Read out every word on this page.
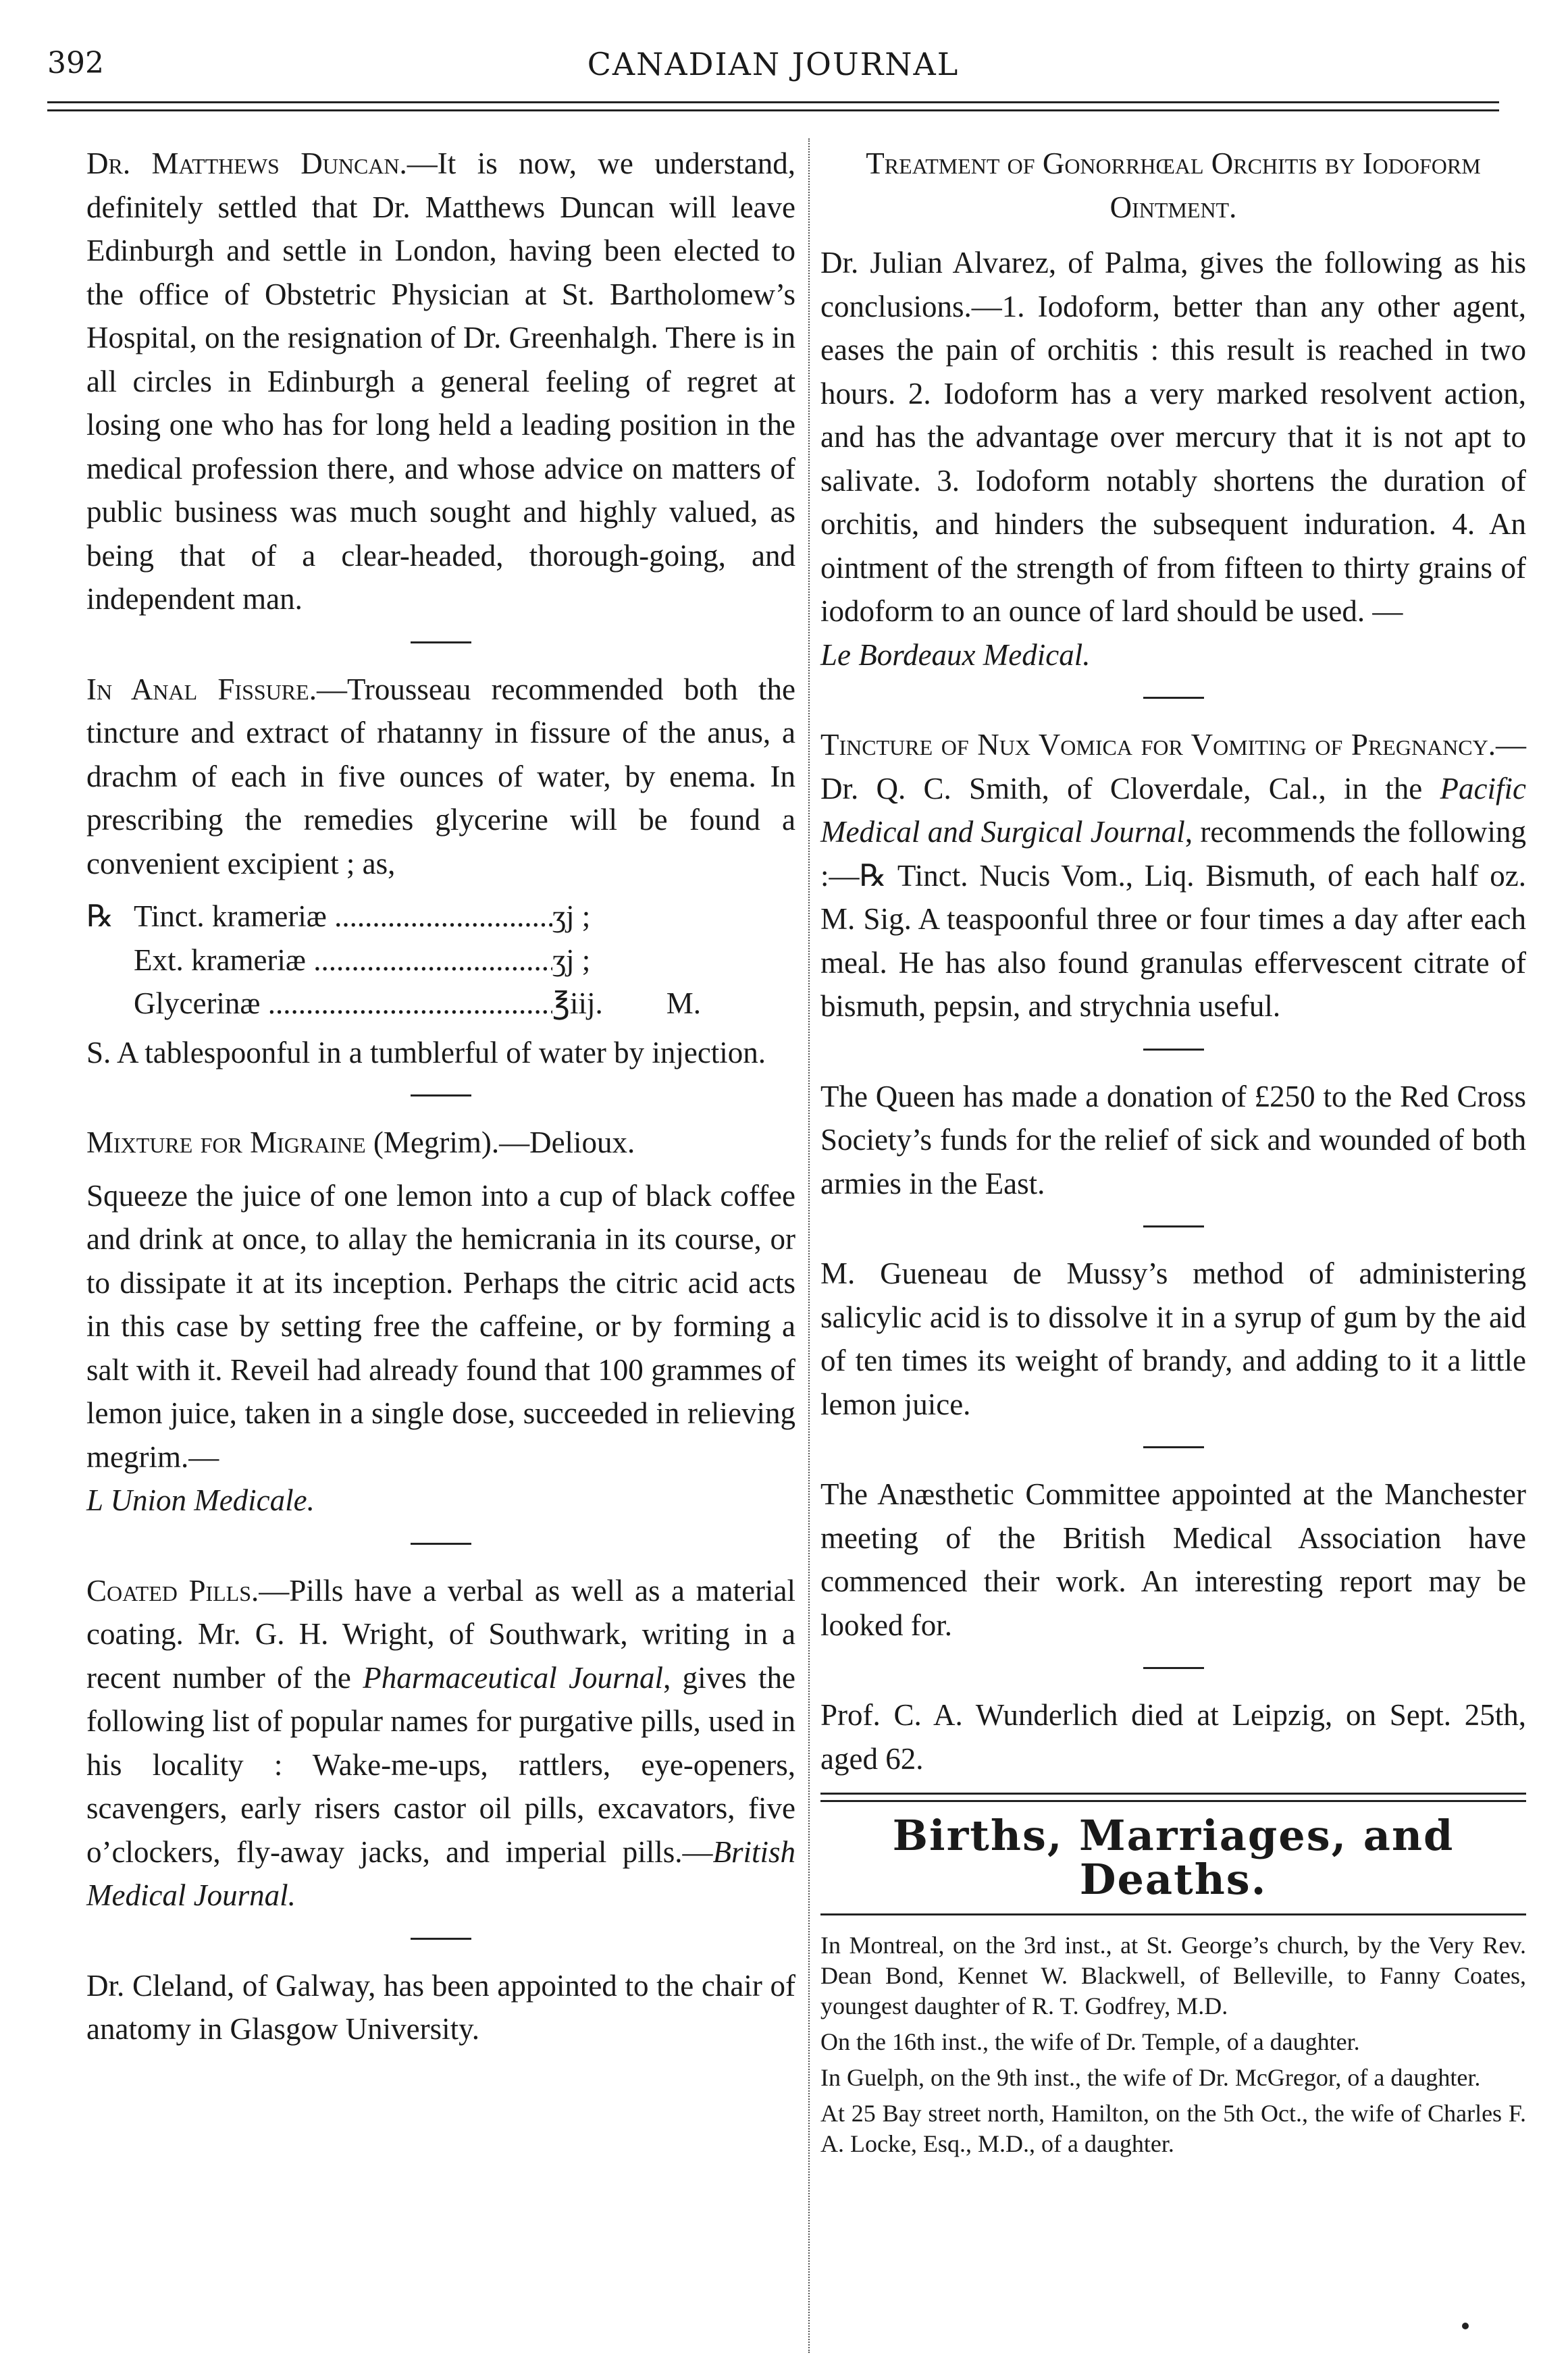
392	CANADIAN JOURNAL

Dr. Matthews Duncan.—It is now, we understand, definitely settled that Dr. Matthews Duncan will leave Edinburgh and settle in London, having been elected to the office of Obstetric Physician at St. Bartholomew’s Hospital, on the resignation of Dr. Greenhalgh. There is in all circles in Edinburgh a general feeling of regret at losing one who has for long held a leading position in the medical profession there, and whose advice on matters of public business was much sought and highly valued, as being that of a clear-headed, thorough-going, and independent man.

In Anal Fissure.—Trousseau recommended both the tincture and extract of rhatanny in fissure of the anus, a drachm of each in five ounces of water, by enema. In prescribing the remedies glycerine will be found a convenient excipient ; as,

℞ Tinct. krameriæ .....	ʒj ;
Ext. krameriæ .....	ʒj ;
Glycerinæ .....	℥iij.	M.

S. A tablespoonful in a tumblerful of water by injection.

Mixture for Migraine (Megrim).—Delioux.

Squeeze the juice of one lemon into a cup of black coffee and drink at once, to allay the hemicrania in its course, or to dissipate it at its inception. Perhaps the citric acid acts in this case by setting free the caffeine, or by forming a salt with it. Reveil had already found that 100 grammes of lemon juice, taken in a single dose, succeeded in relieving megrim.—
L Union Medicale.

Coated Pills.—Pills have a verbal as well as a material coating. Mr. G. H. Wright, of Southwark, writing in a recent number of the Pharmaceutical Journal, gives the following list of popular names for purgative pills, used in his locality : Wake-me-ups, rattlers, eye-openers, scavengers, early risers castor oil pills, excavators, five o’clockers, fly-away jacks, and imperial pills.—British Medical Journal.

Dr. Cleland, of Galway, has been appointed to the chair of anatomy in Glasgow University.

Treatment of Gonorrhœal Orchitis by Iodoform Ointment.

Dr. Julian Alvarez, of Palma, gives the following as his conclusions.—1. Iodoform, better than any other agent, eases the pain of orchitis : this result is reached in two hours. 2. Iodoform has a very marked resolvent action, and has the advantage over mercury that it is not apt to salivate. 3. Iodoform notably shortens the duration of orchitis, and hinders the subsequent induration. 4. An ointment of the strength of from fifteen to thirty grains of iodoform to an ounce of lard should be used. —
Le Bordeaux Medical.

Tincture of Nux Vomica for Vomiting of Pregnancy.—Dr. Q. C. Smith, of Cloverdale, Cal., in the Pacific Medical and Surgical Journal, recommends the following :—℞ Tinct. Nucis Vom., Liq. Bismuth, of each half oz. M. Sig. A teaspoonful three or four times a day after each meal. He has also found granulas effervescent citrate of bismuth, pepsin, and strychnia useful.

The Queen has made a donation of £250 to the Red Cross Society’s funds for the relief of sick and wounded of both armies in the East.

M. Gueneau de Mussy’s method of administering salicylic acid is to dissolve it in a syrup of gum by the aid of ten times its weight of brandy, and adding to it a little lemon juice.

The Anæsthetic Committee appointed at the Manchester meeting of the British Medical Association have commenced their work. An interesting report may be looked for.

Prof. C. A. Wunderlich died at Leipzig, on Sept. 25th, aged 62.

Births, Marriages, and Deaths.

In Montreal, on the 3rd inst., at St. George’s church, by the Very Rev. Dean Bond, Kennet W. Blackwell, of Belleville, to Fanny Coates, youngest daughter of R. T. Godfrey, M.D.

On the 16th inst., the wife of Dr. Temple, of a daughter.

In Guelph, on the 9th inst., the wife of Dr. McGregor, of a daughter.

At 25 Bay street north, Hamilton, on the 5th Oct., the wife of Charles F. A. Locke, Esq., M.D., of a daughter.
